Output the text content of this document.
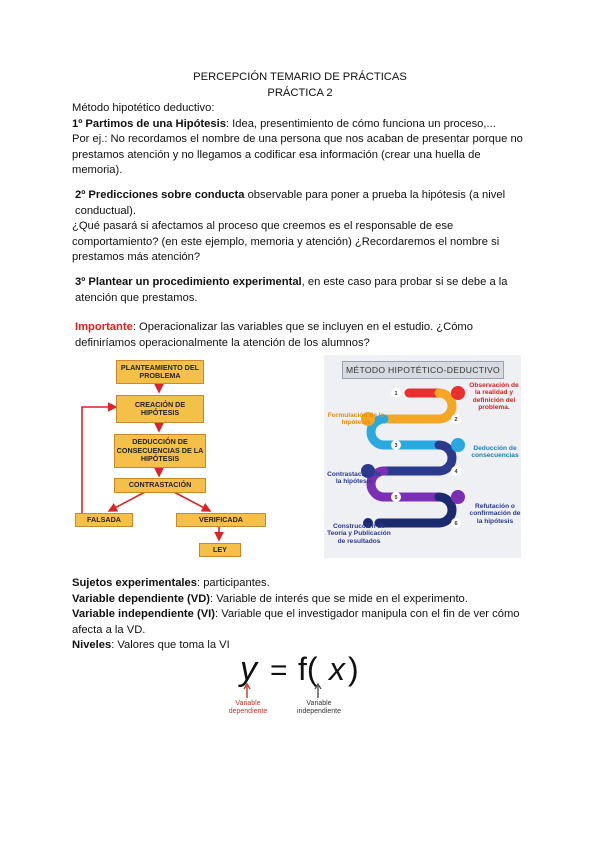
PERCEPCIÓN TEMARIO DE PRÁCTICAS
PRÁCTICA 2
Método hipotético deductivo:
1º Partimos de una Hipótesis: Idea, presentimiento de cómo funciona un proceso,...
Por ej.: No recordamos el nombre de una persona que nos acaban de presentar porque no prestamos atención y no llegamos a codificar esa información (crear una huella de memoria).
2º Predicciones sobre conducta observable para poner a prueba la hipótesis (a nivel conductual).
¿Qué pasará si afectamos al proceso que creemos es el responsable de ese comportamiento? (en este ejemplo, memoria y atención) ¿Recordaremos el nombre si prestamos más atención?
3º Plantear un procedimiento experimental, en este caso para probar si se debe a la atención que prestamos.
Importante: Operacionalizar las variables que se incluyen en el estudio. ¿Cómo definiríamos operacionalmente la atención de los alumnos?
PLANTEAMIENTO DEL PROBLEMA
CREACIÓN DE HIPÓTESIS
DEDUCCIÓN DE CONSECUENCIAS DE LA HIPÓTESIS
CONTRASTACIÓN
FALSADA	VERIFICADA
LEY
MÉTODO HIPOTÉTICO-DEDUCTIVO
1
2
3
4
5
6
Observación de la realidad y definición del problema.
Formulación de la hipótesis
Deducción de consecuencias
Contrastación de la hipótesis
Refutación o confirmación de la hipótesis
Construcción de Teoría y Publicación de resultados
Sujetos experimentales: participantes.
Variable dependiente (VD): Variable de interés que se mide en el experimento.
Variable independiente (VI): Variable que el investigador manipula con el fin de ver cómo afecta a la VD.
Niveles: Valores que toma la VI
y = f( x )
Variable dependiente
Variable independiente
